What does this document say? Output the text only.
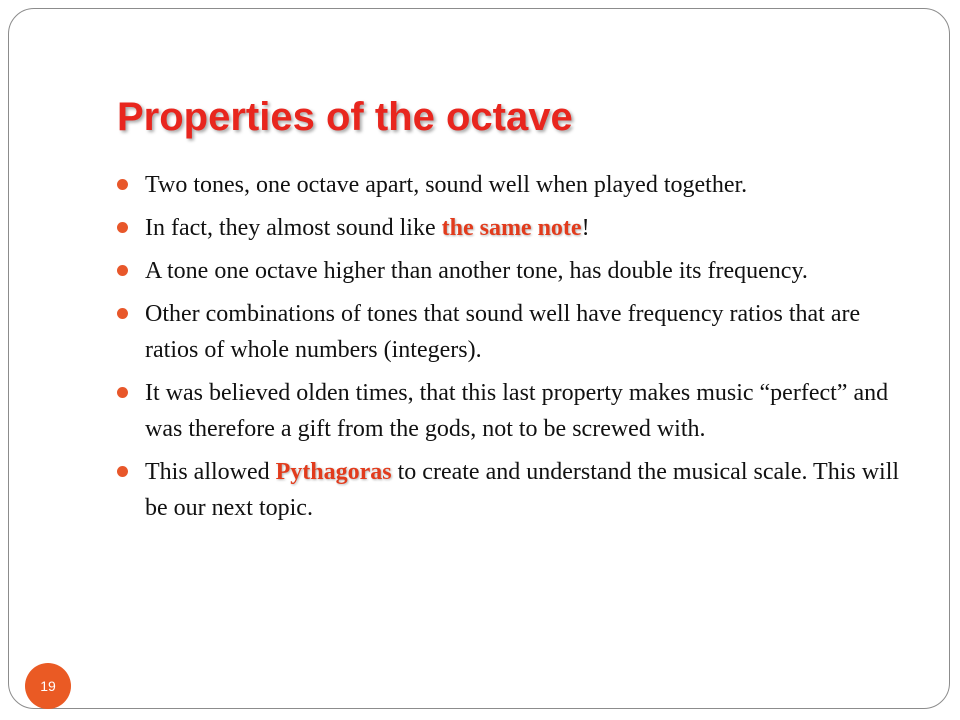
Properties of the octave
Two tones, one octave apart, sound well when played together.
In fact, they almost sound like the same note!
A tone one octave higher than another tone, has double its frequency.
Other combinations of tones that sound well have frequency ratios that are ratios of whole numbers (integers).
It was believed olden times, that this last property makes music “perfect” and was therefore a gift from the gods, not to be screwed with.
This allowed Pythagoras to create and understand the musical scale. This will be our next topic.
19
